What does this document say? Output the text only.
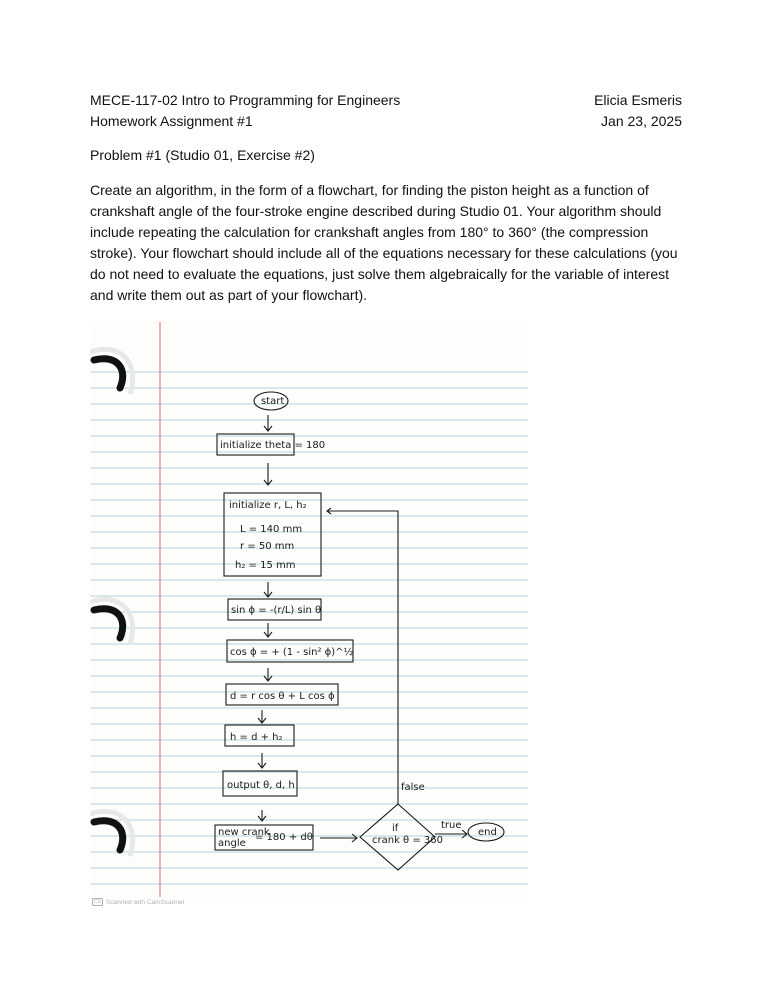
MECE-117-02 Intro to Programming for Engineers
Homework Assignment #1
Elicia Esmeris
Jan 23, 2025
Problem #1 (Studio 01, Exercise #2)
Create an algorithm, in the form of a flowchart, for finding the piston height as a function of crankshaft angle of the four-stroke engine described during Studio 01. Your algorithm should include repeating the calculation for crankshaft angles from 180° to 360° (the compression stroke). Your flowchart should include all of the equations necessary for these calculations (you do not need to evaluate the equations, just solve them algebraically for the variable of interest and write them out as part of your flowchart).
start
initialize theta = 180
initialize r, L, h₂
L = 140 mm
r = 50 mm
h₂ = 15 mm
sin ϕ = -(r/L) sin θ
cos ϕ = + (1 - sin² ϕ)^½
d = r cos θ + L cos ϕ
h = d + h₂
output θ, d, h
new crank
angle
= 180 + dθ
if
crank θ = 360
true
false
end
CS Scanned with CamScanner
